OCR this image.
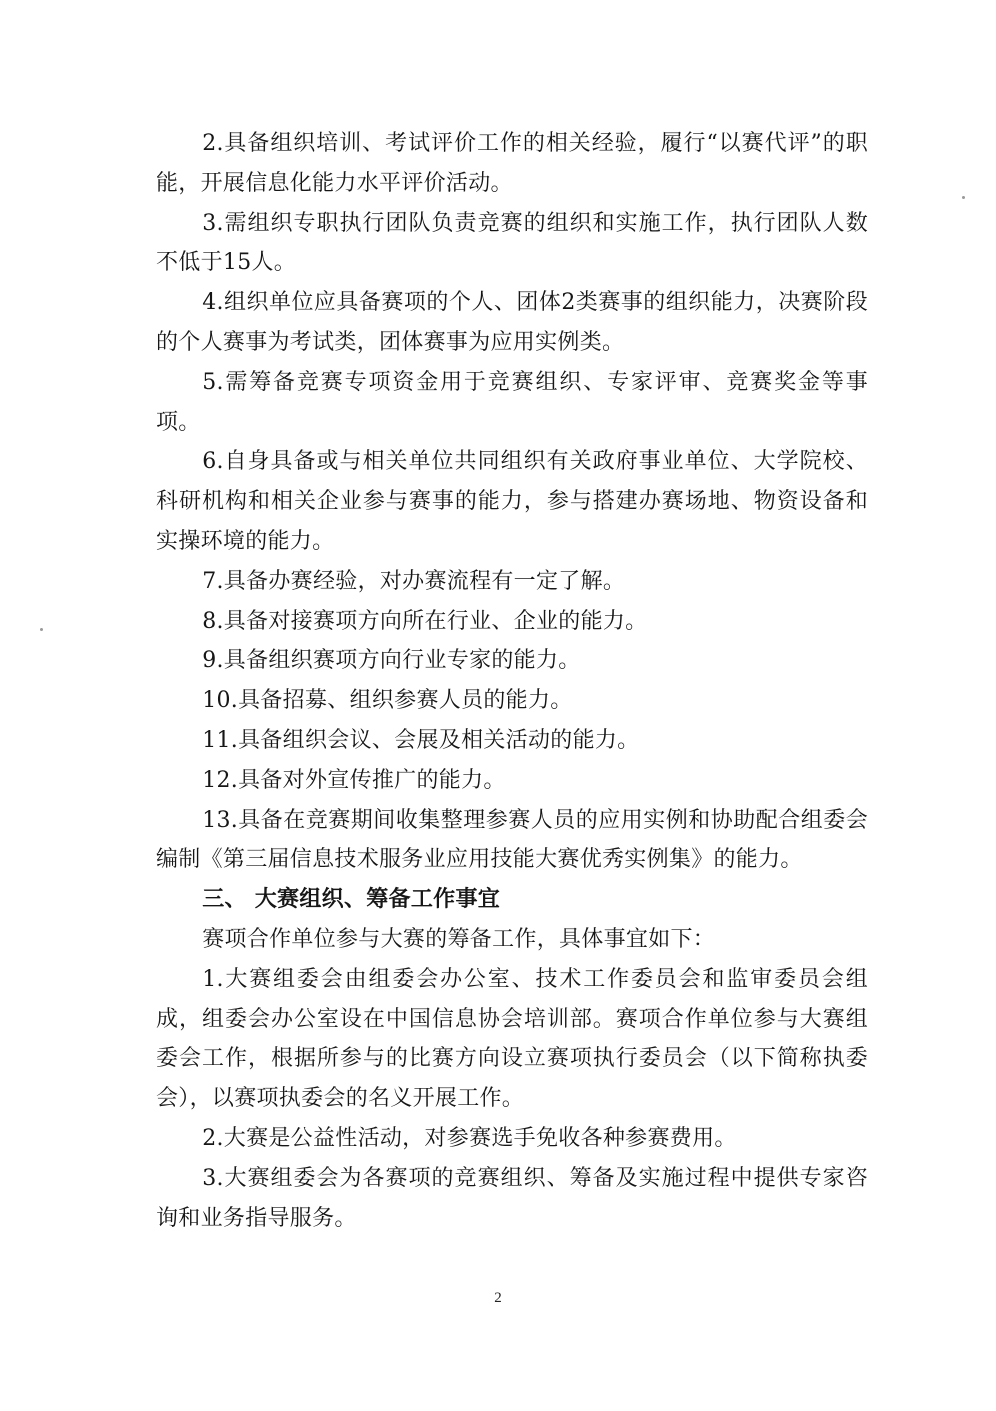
2.具备组织培训、考试评价工作的相关经验，履行“以赛代评”的职能，开展信息化能力水平评价活动。

3.需组织专职执行团队负责竞赛的组织和实施工作，执行团队人数不低于15人。

4.组织单位应具备赛项的个人、团体2类赛事的组织能力，决赛阶段的个人赛事为考试类，团体赛事为应用实例类。

5.需筹备竞赛专项资金用于竞赛组织、专家评审、竞赛奖金等事项。

6.自身具备或与相关单位共同组织有关政府事业单位、大学院校、科研机构和相关企业参与赛事的能力，参与搭建办赛场地、物资设备和实操环境的能力。

7.具备办赛经验，对办赛流程有一定了解。

8.具备对接赛项方向所在行业、企业的能力。

9.具备组织赛项方向行业专家的能力。

10.具备招募、组织参赛人员的能力。

11.具备组织会议、会展及相关活动的能力。

12.具备对外宣传推广的能力。

13.具备在竞赛期间收集整理参赛人员的应用实例和协助配合组委会编制《第三届信息技术服务业应用技能大赛优秀实例集》的能力。

三、 大赛组织、筹备工作事宜

赛项合作单位参与大赛的筹备工作，具体事宜如下：

1.大赛组委会由组委会办公室、技术工作委员会和监审委员会组成，组委会办公室设在中国信息协会培训部。赛项合作单位参与大赛组委会工作，根据所参与的比赛方向设立赛项执行委员会（以下简称执委会），以赛项执委会的名义开展工作。

2.大赛是公益性活动，对参赛选手免收各种参赛费用。

3.大赛组委会为各赛项的竞赛组织、筹备及实施过程中提供专家咨询和业务指导服务。

2
